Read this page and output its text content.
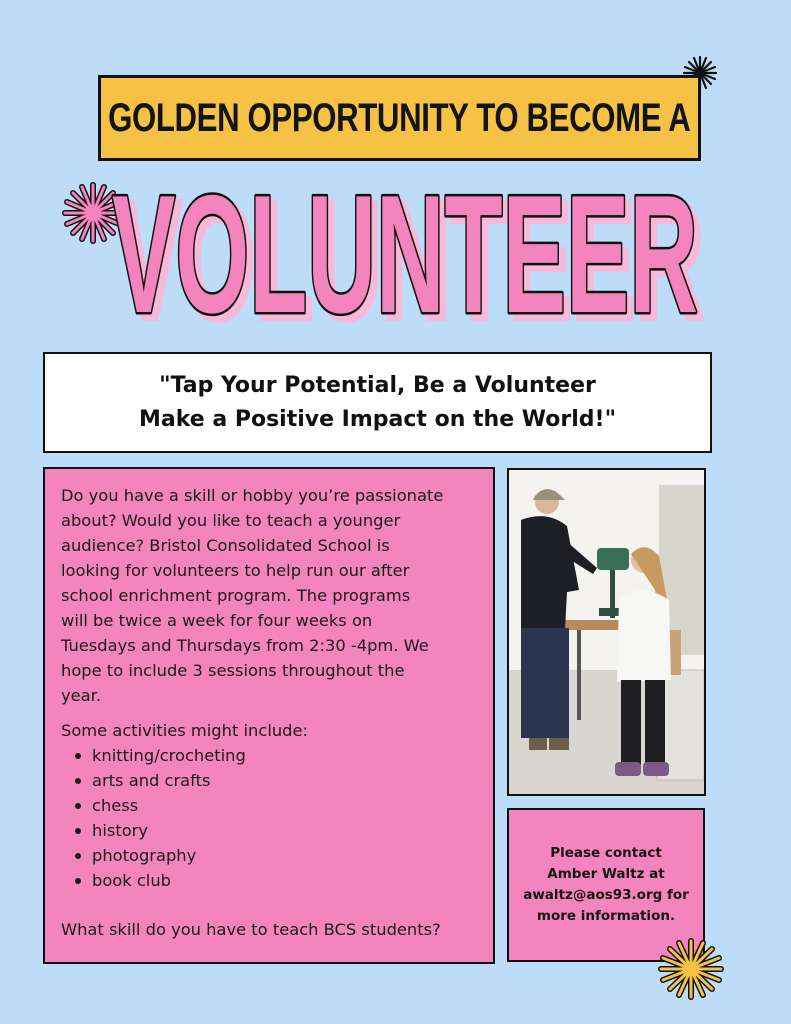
GOLDEN OPPORTUNITY TO BECOME A
VOLUNTEER
VOLUNTEER
"Tap Your Potential, Be a Volunteer
Make a Positive Impact on the World!"

Do you have a skill or hobby you’re passionate
about? Would you like to teach a younger
audience? Bristol Consolidated School is
looking for volunteers to help run our after
school enrichment program. The programs
will be twice a week for four weeks on
Tuesdays and Thursdays from 2:30 -4pm. We
hope to include 3 sessions throughout the
year.

Some activities might include:

knitting/crocheting
arts and crafts
chess
history
photography
book club

What skill do you have to teach BCS students?

Please contact
Amber Waltz at
awaltz@aos93.org for
more information.
